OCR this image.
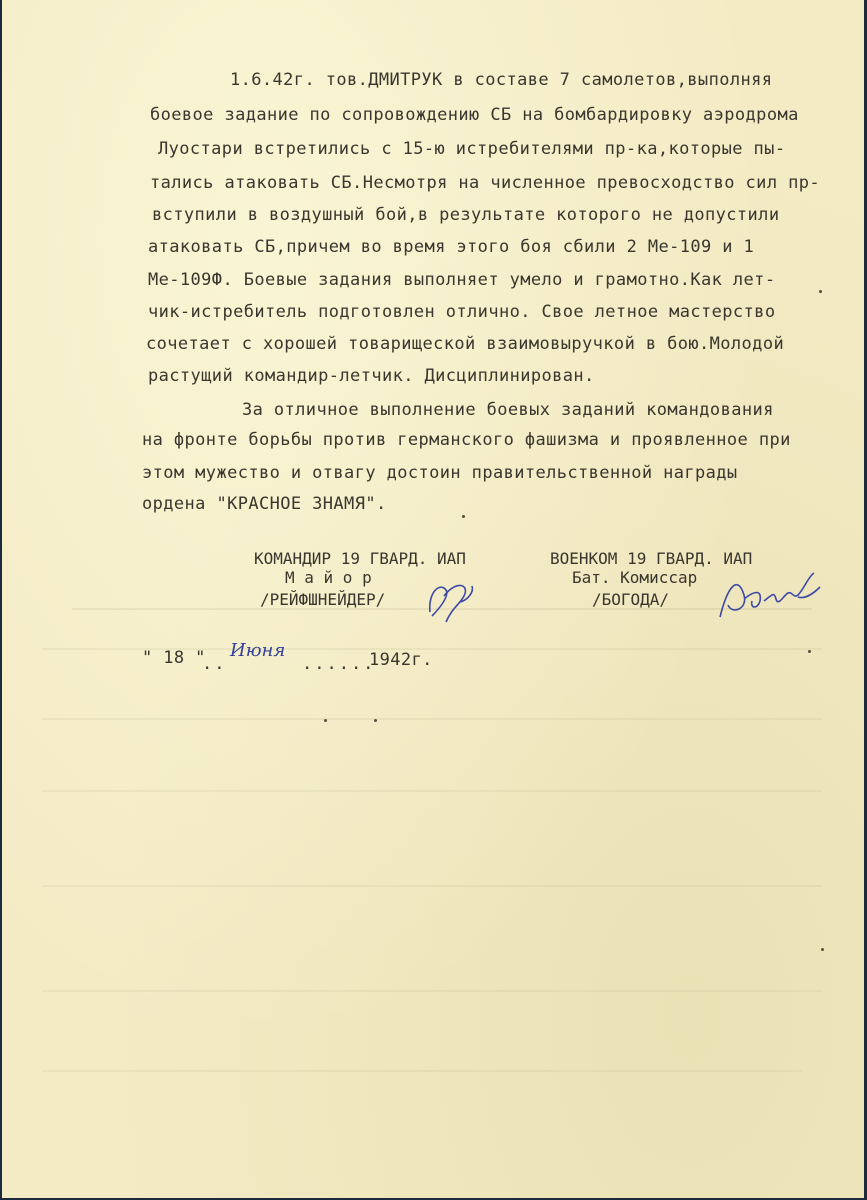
1.6.42г. тов.ДМИТРУК в составе 7 самолетов,выполняя
боевое задание по сопровождению СБ на бомбардировку аэродрома
Луостари встретились с 15-ю истребителями пр-ка,которые пы-
тались атаковать СБ.Несмотря на численное превосходство сил пр-
вступили в воздушный бой,в результате которого не допустили
атаковать СБ,причем во время этого боя сбили 2 Ме-109 и 1
Ме-109Ф. Боевые задания выполняет умело и грамотно.Как лет-
чик-истребитель подготовлен отлично. Свое летное мастерство
сочетает с хорошей товарищеской взаимовыручкой в бою.Молодой
растущий командир-летчик. Дисциплинирован.
За отличное выполнение боевых заданий командования
на фронте борьбы против германского фашизма и проявленное при
этом мужество и отвагу достоин правительственной награды
ордена "КРАСНОЕ ЗНАМЯ".
КОМАНДИР 19 ГВАРД. ИАП
М а й о р
/РЕЙФШНЕЙДЕР/
ВОЕНКОМ 19 ГВАРД. ИАП
Бат. Комиссар
/БОГОДА/
" 18 "
..
Июня
......
1942г.
